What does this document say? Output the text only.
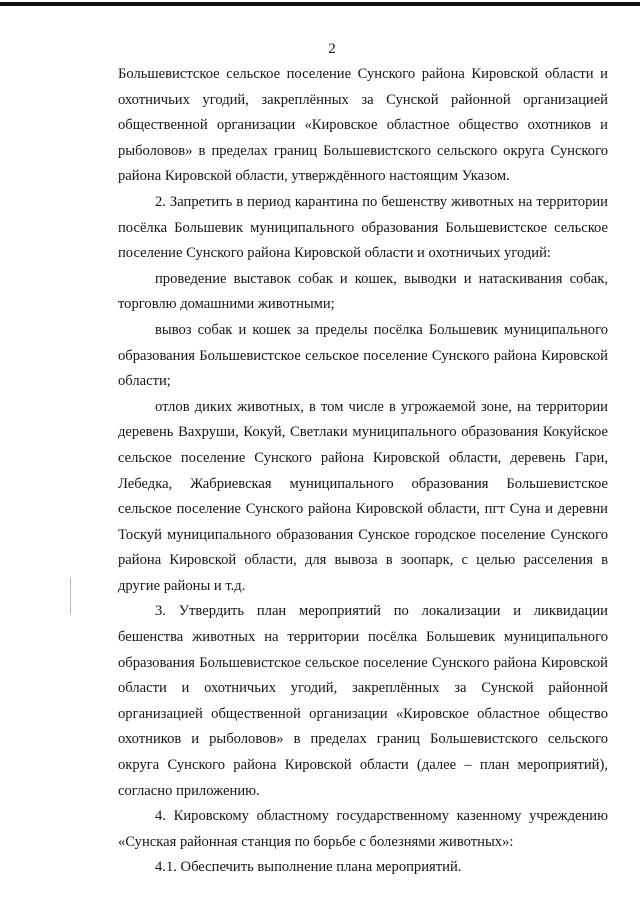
2

Большевистское сельское поселение Сунского района Кировской области и охотничьих угодий, закреплённых за Сунской районной организацией общественной организации «Кировское областное общество охотников и рыболовов» в пределах границ Большевистского сельского округа Сунского района Кировской области, утверждённого настоящим Указом.

2. Запретить в период карантина по бешенству животных на территории посёлка Большевик муниципального образования Большевистское сельское поселение Сунского района Кировской области и охотничьих угодий:

проведение выставок собак и кошек, выводки и натаскивания собак, торговлю домашними животными;

вывоз собак и кошек за пределы посёлка Большевик муниципального образования Большевистское сельское поселение Сунского района Кировской области;

отлов диких животных, в том числе в угрожаемой зоне, на территории деревень Вахруши, Кокуй, Светлаки муниципального образования Кокуйское сельское поселение Сунского района Кировской области, деревень Гари, Лебедка, Жабриевская муниципального образования Большевистское сельское поселение Сунского района Кировской области, пгт Суна и деревни Тоскуй муниципального образования Сунское городское поселение Сунского района Кировской области, для вывоза в зоопарк, с целью расселения в другие районы и т.д.

3. Утвердить план мероприятий по локализации и ликвидации бешенства животных на территории посёлка Большевик муниципального образования Большевистское сельское поселение Сунского района Кировской области и охотничьих угодий, закреплённых за Сунской районной организацией общественной организации «Кировское областное общество охотников и рыболовов» в пределах границ Большевистского сельского округа Сунского района Кировской области (далее – план мероприятий), согласно приложению.

4. Кировскому областному государственному казенному учреждению «Сунская районная станция по борьбе с болезнями животных»:

4.1. Обеспечить выполнение плана мероприятий.
